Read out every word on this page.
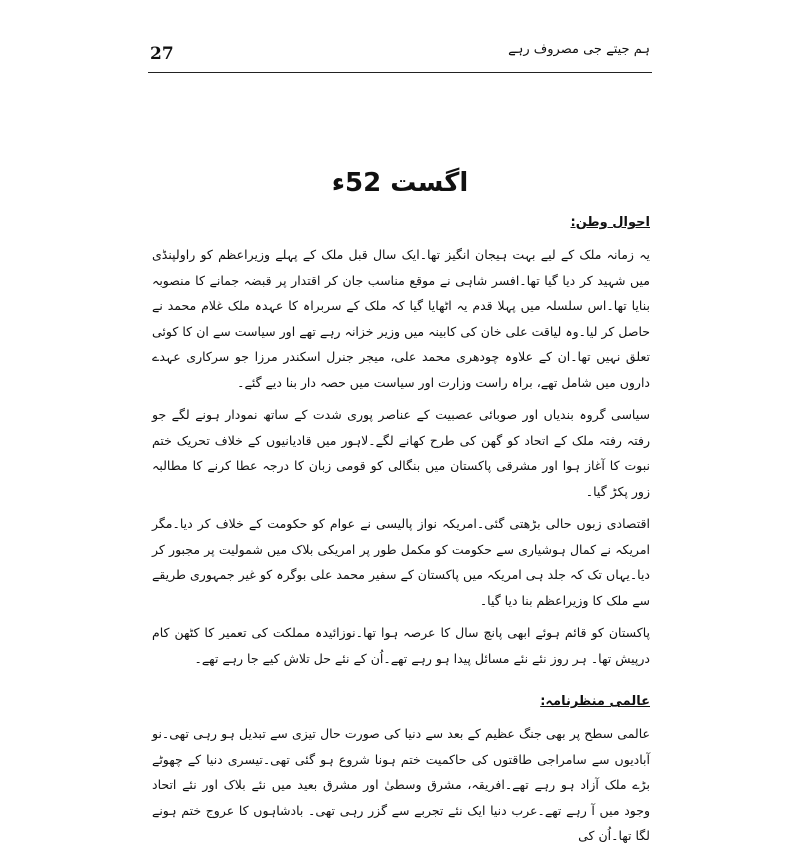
27	ہم جیتے جی مصروف رہے
اگست 52ء
احوال وطن:

یہ زمانہ ملک کے لیے بہت ہیجان انگیز تھا۔ایک سال قبل ملک کے پہلے وزیراعظم کو راولپنڈی میں شہید کر دیا گیا تھا۔افسر شاہی نے موقع مناسب جان کر اقتدار پر قبضہ جمانے کا منصوبہ بنایا تھا۔اس سلسلہ میں پہلا قدم یہ اٹھایا گیا کہ ملک کے سربراہ کا عہدہ ملک غلام محمد نے حاصل کر لیا۔وہ لیاقت علی خان کی کابینہ میں وزیر خزانہ رہے تھے اور سیاست سے ان کا کوئی تعلق نہیں تھا۔ان کے علاوہ چودھری محمد علی، میجر جنرل اسکندر مرزا جو سرکاری عہدے داروں میں شامل تھے، براہ راست وزارت اور سیاست میں حصہ دار بنا دیے گئے۔

سیاسی گروہ بندیاں اور صوبائی عصبیت کے عناصر پوری شدت کے ساتھ نمودار ہونے لگے جو رفتہ رفتہ ملک کے اتحاد کو گھن کی طرح کھانے لگے۔لاہور میں قادیانیوں کے خلاف تحریک ختم نبوت کا آغاز ہوا اور مشرقی پاکستان میں بنگالی کو قومی زبان کا درجہ عطا کرنے کا مطالبہ زور پکڑ گیا۔

اقتصادی زبوں حالی بڑھتی گئی۔امریکہ نواز پالیسی نے عوام کو حکومت کے خلاف کر دیا۔مگر امریکہ نے کمال ہوشیاری سے حکومت کو مکمل طور پر امریکی بلاک میں شمولیت پر مجبور کر دیا۔یہاں تک کہ جلد ہی امریکہ میں پاکستان کے سفیر محمد علی بوگرہ کو غیر جمہوری طریقے سے ملک کا وزیراعظم بنا دیا گیا۔

پاکستان کو قائم ہوئے ابھی پانچ سال کا عرصہ ہوا تھا۔نوزائیدہ مملکت کی تعمیر کا کٹھن کام درپیش تھا۔ ہر روز نئے نئے مسائل پیدا ہو رہے تھے۔اُن کے نئے حل تلاش کیے جا رہے تھے۔

عالمی منظرنامہ:

عالمی سطح پر بھی جنگ عظیم کے بعد سے دنیا کی صورت حال تیزی سے تبدیل ہو رہی تھی۔نو آبادیوں سے سامراجی طاقتوں کی حاکمیت ختم ہونا شروع ہو گئی تھی۔تیسری دنیا کے چھوٹے بڑے ملک آزاد ہو رہے تھے۔افریقہ، مشرق وسطیٰ اور مشرق بعید میں نئے بلاک اور نئے اتحاد وجود میں آ رہے تھے۔عرب دنیا ایک نئے تجربے سے گزر رہی تھی۔ بادشاہوں کا عروج ختم ہونے لگا تھا۔اُن کی
